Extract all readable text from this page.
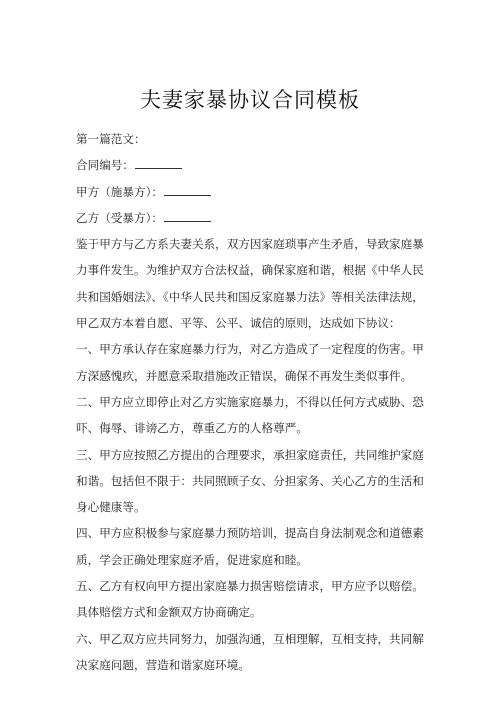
夫妻家暴协议合同模板

第一篇范文：

合同编号：

甲方（施暴方）：

乙方（受暴方）：

鉴于甲方与乙方系夫妻关系，双方因家庭琐事产生矛盾，导致家庭暴力事件发生。为维护双方合法权益，确保家庭和谐，根据《中华人民共和国婚姻法》、《中华人民共和国反家庭暴力法》等相关法律法规，甲乙双方本着自愿、平等、公平、诚信的原则，达成如下协议：

一、甲方承认存在家庭暴力行为，对乙方造成了一定程度的伤害。甲方深感愧疚，并愿意采取措施改正错误，确保不再发生类似事件。

二、甲方应立即停止对乙方实施家庭暴力，不得以任何方式威胁、恐吓、侮辱、诽谤乙方，尊重乙方的人格尊严。

三、甲方应按照乙方提出的合理要求，承担家庭责任，共同维护家庭和谐。包括但不限于：共同照顾子女、分担家务、关心乙方的生活和身心健康等。

四、甲方应积极参与家庭暴力预防培训，提高自身法制观念和道德素质，学会正确处理家庭矛盾，促进家庭和睦。

五、乙方有权向甲方提出家庭暴力损害赔偿请求，甲方应予以赔偿。具体赔偿方式和金额双方协商确定。

六、甲乙双方应共同努力，加强沟通，互相理解，互相支持，共同解决家庭问题，营造和谐家庭环境。
